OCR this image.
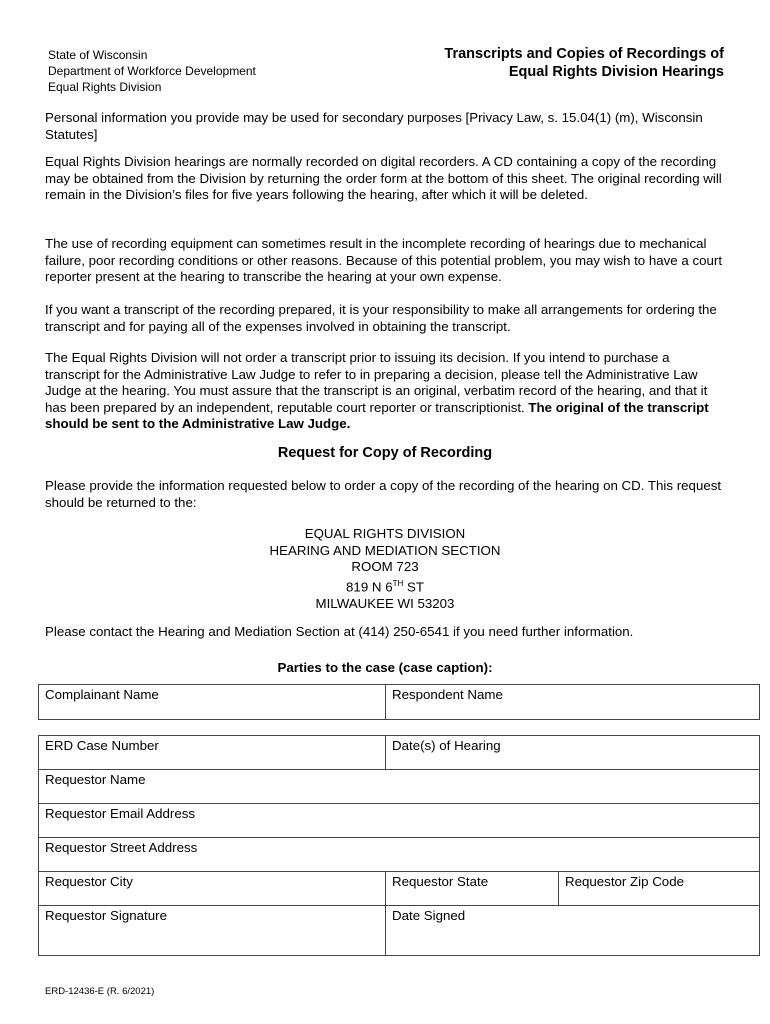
State of Wisconsin
Department of Workforce Development
Equal Rights Division
Transcripts and Copies of Recordings of
Equal Rights Division Hearings
Personal information you provide may be used for secondary purposes [Privacy Law, s. 15.04(1) (m), Wisconsin Statutes]
Equal Rights Division hearings are normally recorded on digital recorders. A CD containing a copy of the recording may be obtained from the Division by returning the order form at the bottom of this sheet. The original recording will remain in the Division’s files for five years following the hearing, after which it will be deleted.
The use of recording equipment can sometimes result in the incomplete recording of hearings due to mechanical failure, poor recording conditions or other reasons. Because of this potential problem, you may wish to have a court reporter present at the hearing to transcribe the hearing at your own expense.
If you want a transcript of the recording prepared, it is your responsibility to make all arrangements for ordering the transcript and for paying all of the expenses involved in obtaining the transcript.
The Equal Rights Division will not order a transcript prior to issuing its decision. If you intend to purchase a transcript for the Administrative Law Judge to refer to in preparing a decision, please tell the Administrative Law Judge at the hearing. You must assure that the transcript is an original, verbatim record of the hearing, and that it has been prepared by an independent, reputable court reporter or transcriptionist. The original of the transcript should be sent to the Administrative Law Judge.
Request for Copy of Recording
Please provide the information requested below to order a copy of the recording of the hearing on CD. This request should be returned to the:
EQUAL RIGHTS DIVISION
HEARING AND MEDIATION SECTION
ROOM 723
819 N 6TH ST
MILWAUKEE WI 53203
Please contact the Hearing and Mediation Section at (414) 250-6541 if you need further information.
Parties to the case (case caption):
Complainant Name	Respondent Name
ERD Case Number	Date(s) of Hearing	
Requestor Name		
Requestor Email Address		
Requestor Street Address		
Requestor City	Requestor State	Requestor Zip Code
Requestor Signature	Date Signed	
ERD-12436-E (R. 6/2021)
